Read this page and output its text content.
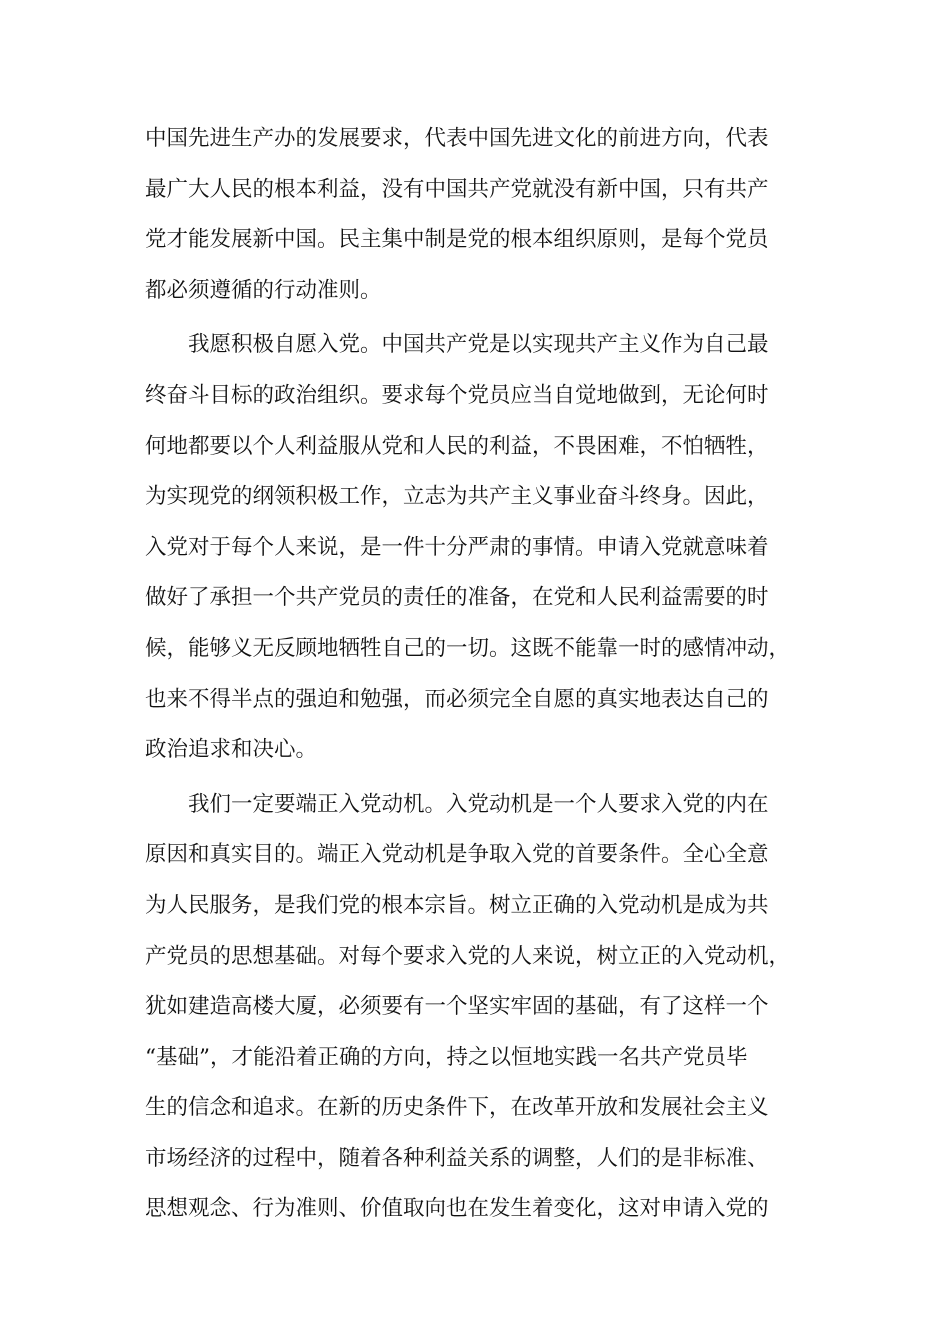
中国先进生产办的发展要求，代表中国先进文化的前进方向，代表
最广大人民的根本利益，没有中国共产党就没有新中国，只有共产
党才能发展新中国。民主集中制是党的根本组织原则，是每个党员
都必须遵循的行动准则。
我愿积极自愿入党。中国共产党是以实现共产主义作为自己最
终奋斗目标的政治组织。要求每个党员应当自觉地做到，无论何时
何地都要以个人利益服从党和人民的利益，不畏困难，不怕牺牲，
为实现党的纲领积极工作，立志为共产主义事业奋斗终身。因此，
入党对于每个人来说，是一件十分严肃的事情。申请入党就意味着
做好了承担一个共产党员的责任的准备，在党和人民利益需要的时
候，能够义无反顾地牺牲自己的一切。这既不能靠一时的感情冲动，
也来不得半点的强迫和勉强，而必须完全自愿的真实地表达自己的
政治追求和决心。
我们一定要端正入党动机。入党动机是一个人要求入党的内在
原因和真实目的。端正入党动机是争取入党的首要条件。全心全意
为人民服务，是我们党的根本宗旨。树立正确的入党动机是成为共
产党员的思想基础。对每个要求入党的人来说，树立正的入党动机，
犹如建造高楼大厦，必须要有一个坚实牢固的基础，有了这样一个
“基础”，才能沿着正确的方向，持之以恒地实践一名共产党员毕
生的信念和追求。在新的历史条件下，在改革开放和发展社会主义
市场经济的过程中，随着各种利益关系的调整，人们的是非标准、
思想观念、行为准则、价值取向也在发生着变化，这对申请入党的
